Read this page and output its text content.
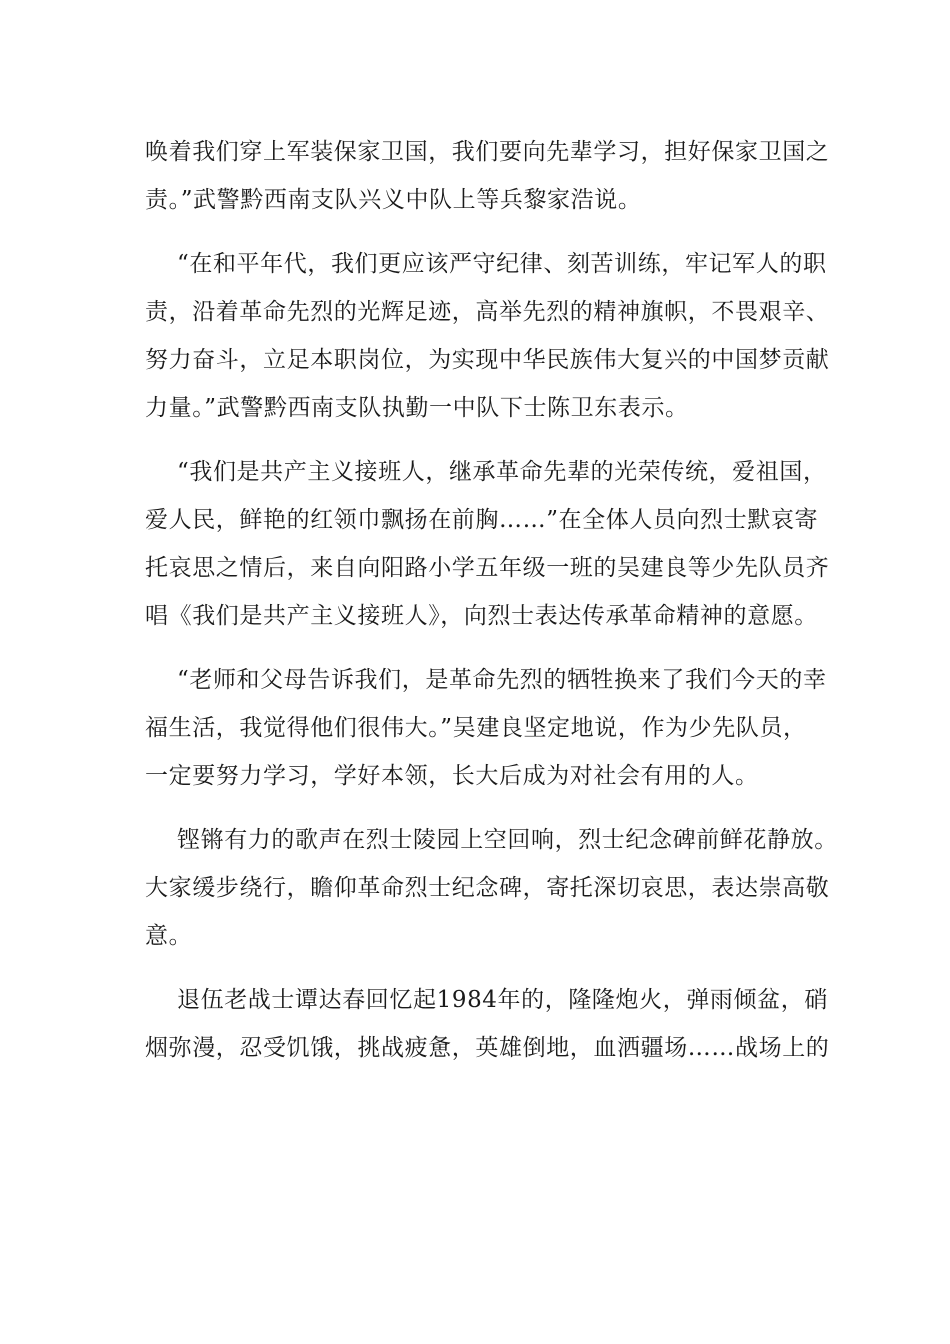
唤着我们穿上军装保家卫国，我们要向先辈学习，担好保家卫国之
责。”武警黔西南支队兴义中队上等兵黎家浩说。

“在和平年代，我们更应该严守纪律、刻苦训练，牢记军人的职
责，沿着革命先烈的光辉足迹，高举先烈的精神旗帜，不畏艰辛、
努力奋斗，立足本职岗位，为实现中华民族伟大复兴的中国梦贡献
力量。”武警黔西南支队执勤一中队下士陈卫东表示。

“我们是共产主义接班人，继承革命先辈的光荣传统，爱祖国，
爱人民，鲜艳的红领巾飘扬在前胸……”在全体人员向烈士默哀寄
托哀思之情后，来自向阳路小学五年级一班的吴建良等少先队员齐
唱《我们是共产主义接班人》，向烈士表达传承革命精神的意愿。

“老师和父母告诉我们，是革命先烈的牺牲换来了我们今天的幸
福生活，我觉得他们很伟大。”吴建良坚定地说，作为少先队员，
一定要努力学习，学好本领，长大后成为对社会有用的人。

铿锵有力的歌声在烈士陵园上空回响，烈士纪念碑前鲜花静放。
大家缓步绕行，瞻仰革命烈士纪念碑，寄托深切哀思，表达崇高敬
意。

退伍老战士谭达春回忆起1984年的，隆隆炮火，弹雨倾盆，硝
烟弥漫，忍受饥饿，挑战疲惫，英雄倒地，血洒疆场……战场上的
